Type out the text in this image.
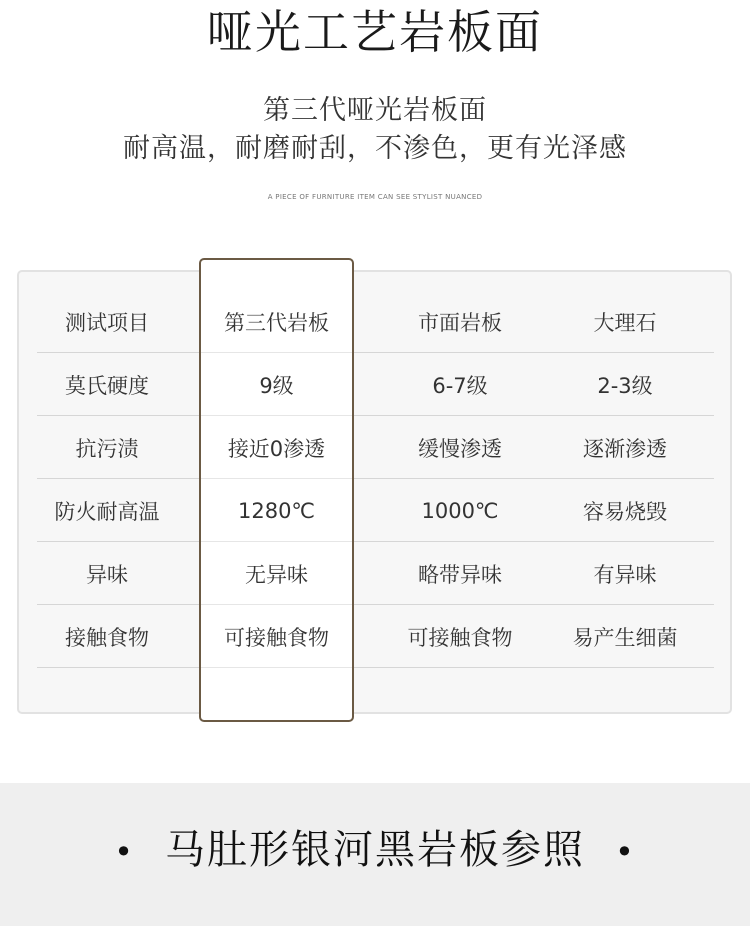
哑光工艺岩板面
第三代哑光岩板面
耐高温，耐磨耐刮，不渗色，更有光泽感
A PIECE OF FURNITURE ITEM CAN SEE STYLIST NUANCED
测试项目	第三代岩板	市面岩板	大理石
莫氏硬度	9级	6-7级	2-3级
抗污渍	接近0渗透	缓慢渗透	逐渐渗透
防火耐高温	1280℃	1000℃	容易烧毁
异味	无异味	略带异味	有异味
接触食物	可接触食物	可接触食物	易产生细菌
• 马肚形银河黑岩板参照 •
